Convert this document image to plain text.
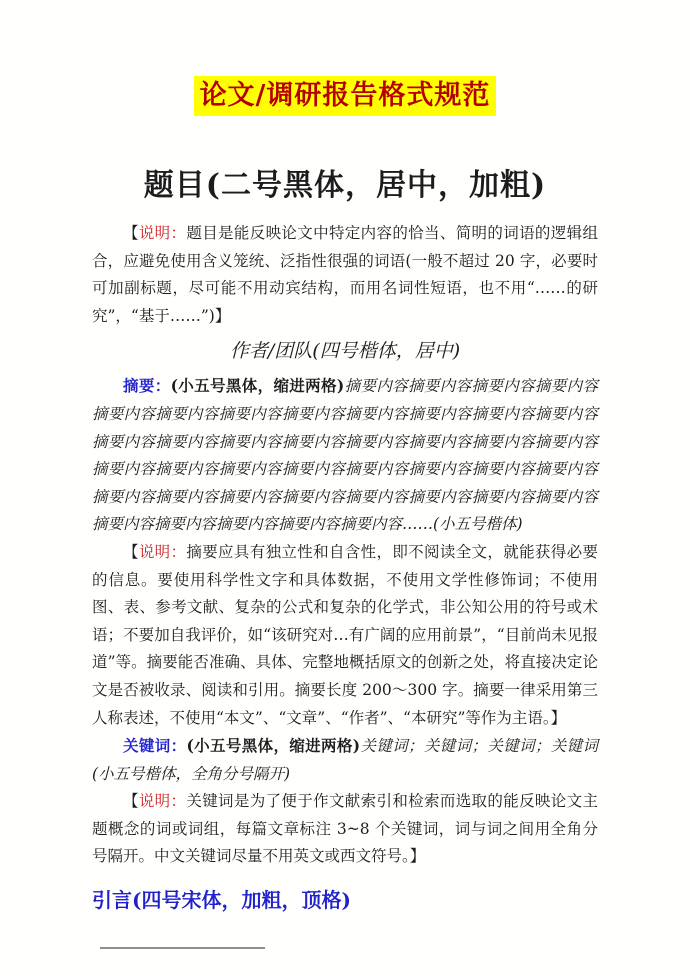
论文/调研报告格式规范
题目(二号黑体，居中，加粗)

【说明：题目是能反映论文中特定内容的恰当、简明的词语的逻辑组合，应避免使用含义笼统、泛指性很强的词语(一般不超过 20 字，必要时可加副标题，尽可能不用动宾结构，而用名词性短语，也不用“……的研究”，“基于……”)】

作者/团队(四号楷体，居中)

摘要：(小五号黑体，缩进两格)摘要内容摘要内容摘要内容摘要内容摘要内容摘要内容摘要内容摘要内容摘要内容摘要内容摘要内容摘要内容摘要内容摘要内容摘要内容摘要内容摘要内容摘要内容摘要内容摘要内容摘要内容摘要内容摘要内容摘要内容摘要内容摘要内容摘要内容摘要内容摘要内容摘要内容摘要内容摘要内容摘要内容摘要内容摘要内容摘要内容摘要内容摘要内容摘要内容摘要内容摘要内容……(小五号楷体)

【说明：摘要应具有独立性和自含性，即不阅读全文，就能获得必要的信息。要使用科学性文字和具体数据，不使用文学性修饰词；不使用图、表、参考文献、复杂的公式和复杂的化学式，非公知公用的符号或术语；不要加自我评价，如“该研究对…有广阔的应用前景”，“目前尚未见报道”等。摘要能否准确、具体、完整地概括原文的创新之处，将直接决定论文是否被收录、阅读和引用。摘要长度 200～300 字。摘要一律采用第三人称表述，不使用“本文”、“文章”、“作者”、“本研究”等作为主语。】

关键词：(小五号黑体，缩进两格)关键词；关键词；关键词；关键词(小五号楷体，全角分号隔开)

【说明：关键词是为了便于作文献索引和检索而选取的能反映论文主题概念的词或词组，每篇文章标注 3~8 个关键词，词与词之间用全角分号隔开。中文关键词尽量不用英文或西文符号。】

引言(四号宋体，加粗，顶格)
